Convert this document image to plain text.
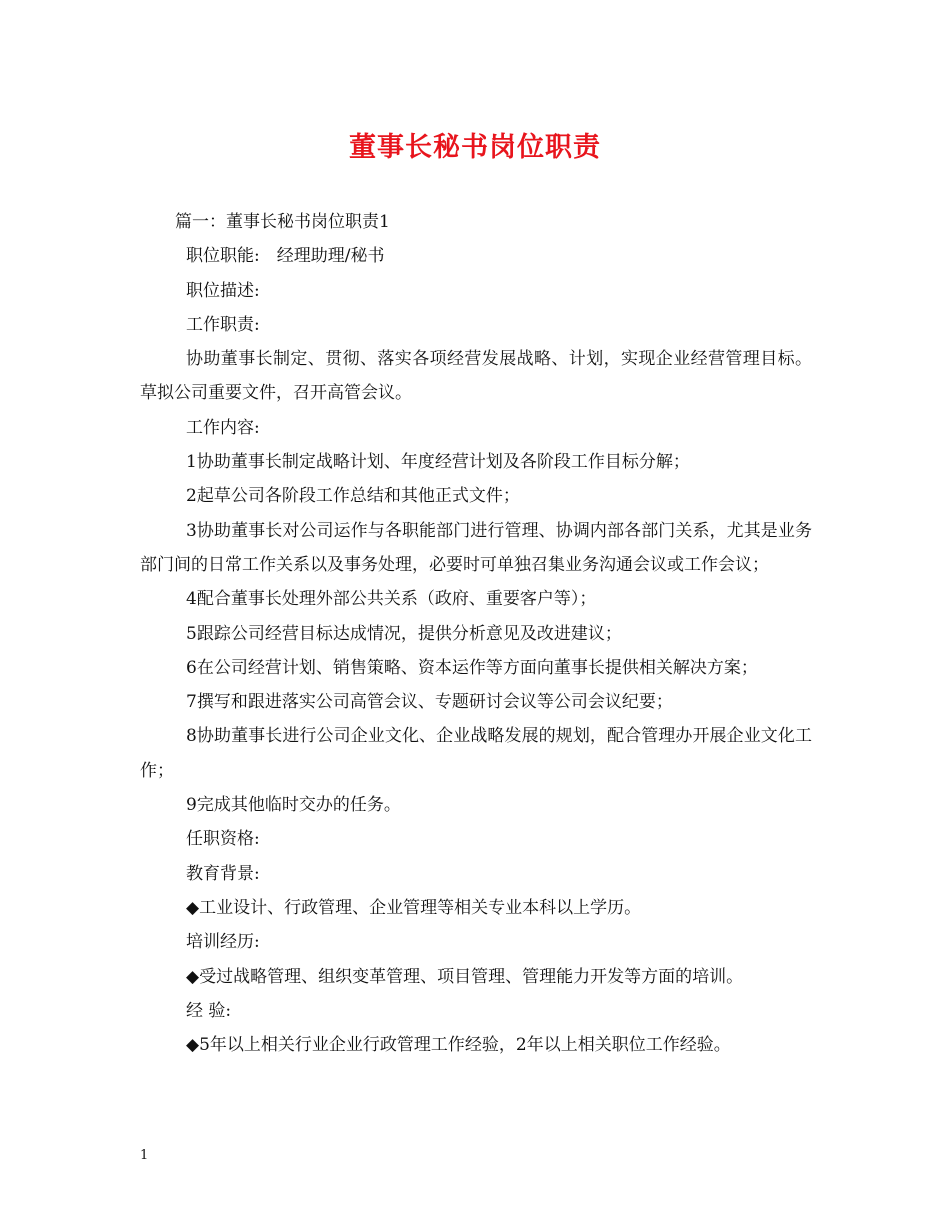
董事长秘书岗位职责

篇一：董事长秘书岗位职责1

职位职能:　经理助理/秘书

职位描述:

工作职责:

协助董事长制定、贯彻、落实各项经营发展战略、计划，实现企业经营管理目标。草拟公司重要文件，召开高管会议。

工作内容:

1协助董事长制定战略计划、年度经营计划及各阶段工作目标分解；

2起草公司各阶段工作总结和其他正式文件；

3协助董事长对公司运作与各职能部门进行管理、协调内部各部门关系，尤其是业务部门间的日常工作关系以及事务处理，必要时可单独召集业务沟通会议或工作会议；

4配合董事长处理外部公共关系（政府、重要客户等）；

5跟踪公司经营目标达成情况，提供分析意见及改进建议；

6在公司经营计划、销售策略、资本运作等方面向董事长提供相关解决方案；

7撰写和跟进落实公司高管会议、专题研讨会议等公司会议纪要；

8协助董事长进行公司企业文化、企业战略发展的规划，配合管理办开展企业文化工作；

9完成其他临时交办的任务。

任职资格:

教育背景:

◆工业设计、行政管理、企业管理等相关专业本科以上学历。

培训经历:

◆受过战略管理、组织变革管理、项目管理、管理能力开发等方面的培训。

经 验:

◆5年以上相关行业企业行政管理工作经验，2年以上相关职位工作经验。

1
